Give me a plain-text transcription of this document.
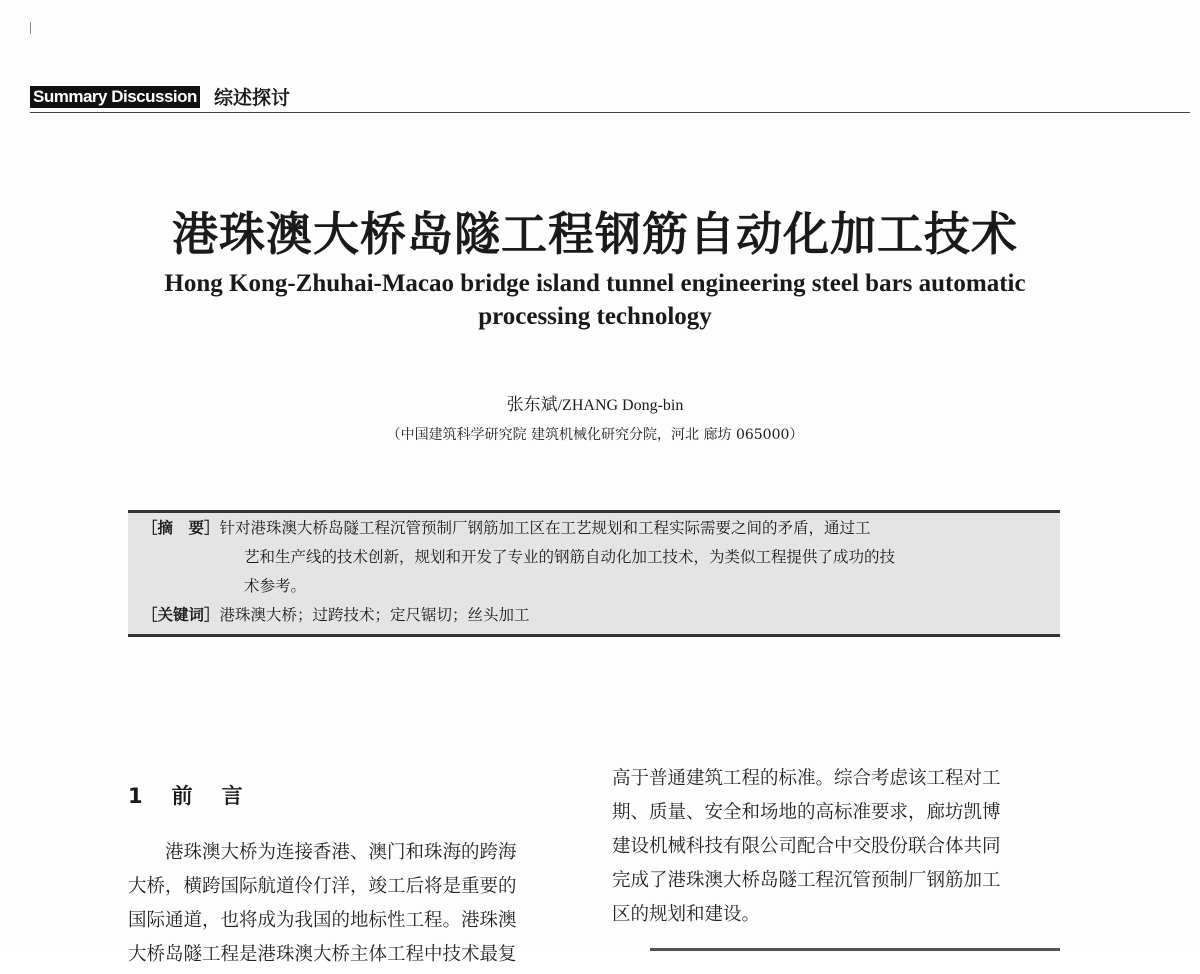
Summary Discussion 综述探讨
港珠澳大桥岛隧工程钢筋自动化加工技术
Hong Kong-Zhuhai-Macao bridge island tunnel engineering steel bars automatic
processing technology
张东斌/ZHANG Dong-bin
（中国建筑科学研究院 建筑机械化研究分院，河北 廊坊 065000）
［摘　要］针对港珠澳大桥岛隧工程沉管预制厂钢筋加工区在工艺规划和工程实际需要之间的矛盾，通过工
艺和生产线的技术创新，规划和开发了专业的钢筋自动化加工技术，为类似工程提供了成功的技
术参考。
［关键词］港珠澳大桥；过跨技术；定尺锯切；丝头加工
1　前　言
　　港珠澳大桥为连接香港、澳门和珠海的跨海
大桥，横跨国际航道伶仃洋，竣工后将是重要的
国际通道，也将成为我国的地标性工程。港珠澳
大桥岛隧工程是港珠澳大桥主体工程中技术最复
高于普通建筑工程的标准。综合考虑该工程对工
期、质量、安全和场地的高标准要求，廊坊凯博
建设机械科技有限公司配合中交股份联合体共同
完成了港珠澳大桥岛隧工程沉管预制厂钢筋加工
区的规划和建设。
